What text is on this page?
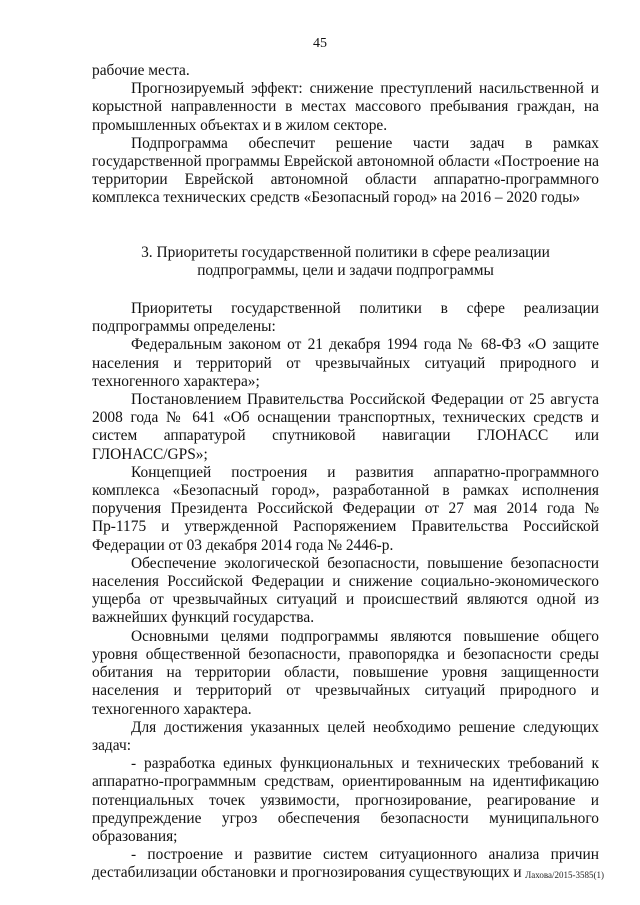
45

рабочие места.

Прогнозируемый эффект: снижение преступлений насильственной и корыстной направленности в местах массового пребывания граждан, на промышленных объектах и в жилом секторе.

Подпрограмма обеспечит решение части задач в рамках государственной программы Еврейской автономной области «Построение на территории Еврейской автономной области аппаратно-программного комплекса технических средств «Безопасный город» на 2016 – 2020 годы»

3. Приоритеты государственной политики в сфере реализации
подпрограммы, цели и задачи подпрограммы

Приоритеты государственной политики в сфере реализации подпрограммы определены:

Федеральным законом от 21 декабря 1994 года № 68-ФЗ «О защите населения и территорий от чрезвычайных ситуаций природного и техногенного характера»;

Постановлением Правительства Российской Федерации от 25 августа 2008 года № 641 «Об оснащении транспортных, технических средств и систем аппаратурой спутниковой навигации ГЛОНАСС или ГЛОНАСС/GPS»;

Концепцией построения и развития аппаратно-программного комплекса «Безопасный город», разработанной в рамках исполнения поручения Президента Российской Федерации от 27 мая 2014 года № Пр-1175 и утвержденной Распоряжением Правительства Российской Федерации от 03 декабря 2014 года № 2446-р.

Обеспечение экологической безопасности, повышение безопасности населения Российской Федерации и снижение социально-экономического ущерба от чрезвычайных ситуаций и происшествий являются одной из важнейших функций государства.

Основными целями подпрограммы являются повышение общего уровня общественной безопасности, правопорядка и безопасности среды обитания на территории области, повышение уровня защищенности населения и территорий от чрезвычайных ситуаций природного и техногенного характера.

Для достижения указанных целей необходимо решение следующих задач:

- разработка единых функциональных и технических требований к аппаратно-программным средствам, ориентированным на идентификацию потенциальных точек уязвимости, прогнозирование, реагирование и предупреждение угроз обеспечения безопасности муниципального образования;

- построение и развитие систем ситуационного анализа причин дестабилизации обстановки и прогнозирования существующих и Лахова/2015-3585(1)
